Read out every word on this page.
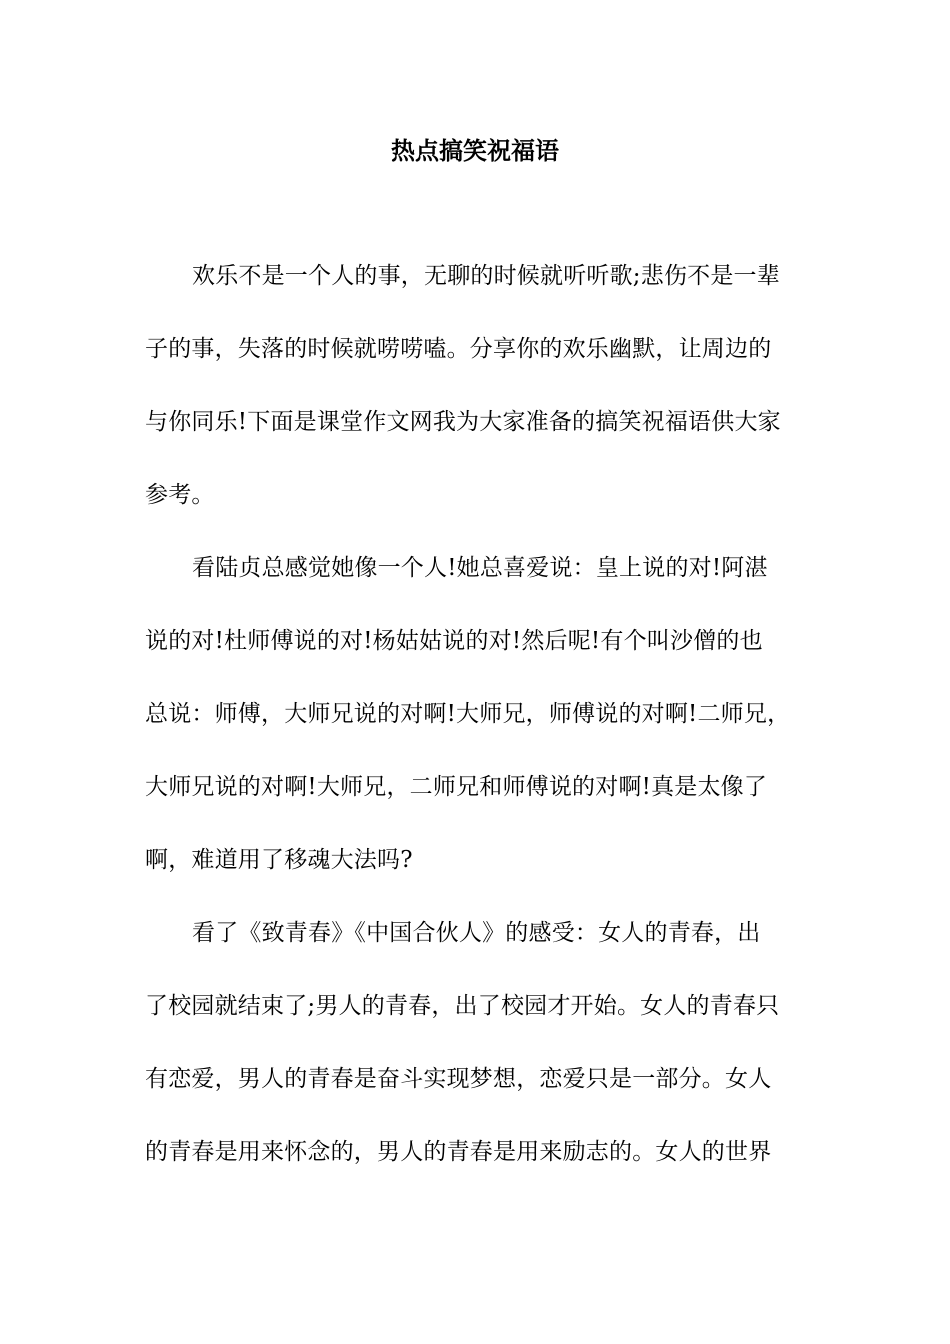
热点搞笑祝福语
欢乐不是一个人的事，无聊的时候就听听歌;悲伤不是一辈
子的事，失落的时候就唠唠嗑。分享你的欢乐幽默，让周边的
与你同乐!下面是课堂作文网我为大家准备的搞笑祝福语供大家
参考。
看陆贞总感觉她像一个人!她总喜爱说：皇上说的对!阿湛
说的对!杜师傅说的对!杨姑姑说的对!然后呢!有个叫沙僧的也
总说：师傅，大师兄说的对啊!大师兄，师傅说的对啊!二师兄，
大师兄说的对啊!大师兄，二师兄和师傅说的对啊!真是太像了
啊，难道用了移魂大法吗?
看了《致青春》《中国合伙人》的感受：女人的青春，出
了校园就结束了;男人的青春，出了校园才开始。女人的青春只
有恋爱，男人的青春是奋斗实现梦想，恋爱只是一部分。女人
的青春是用来怀念的，男人的青春是用来励志的。女人的世界
